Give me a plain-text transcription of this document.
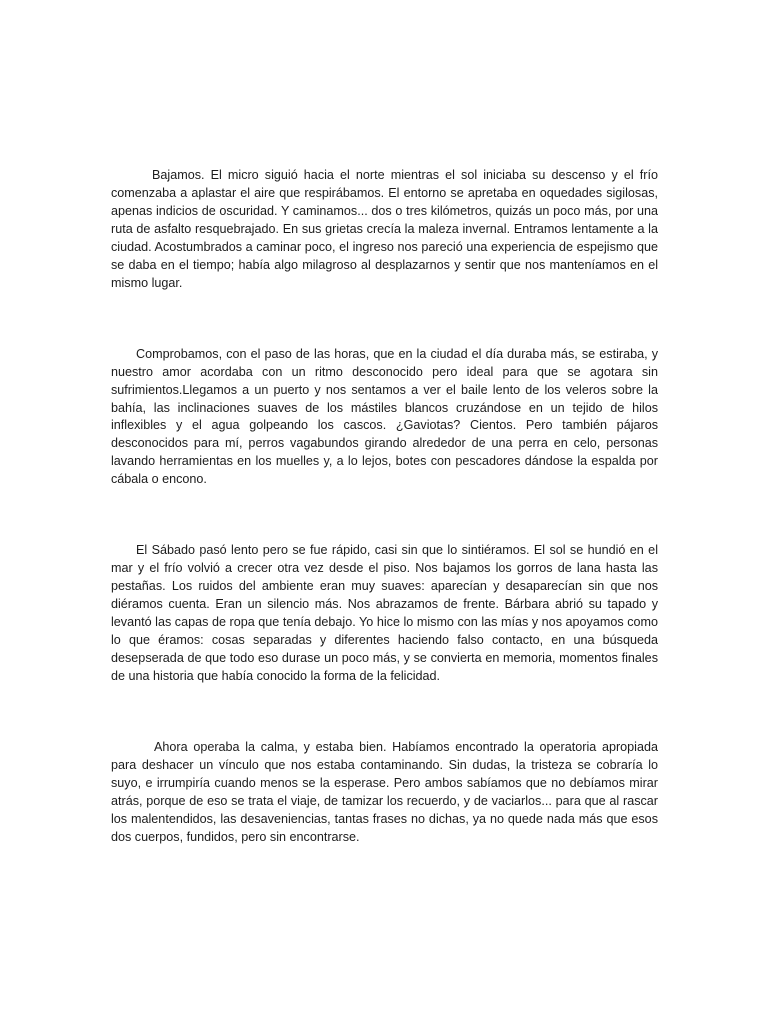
Bajamos. El micro siguió hacia el norte mientras el sol iniciaba su descenso y el frío comenzaba a aplastar el aire que respirábamos. El entorno se apretaba en oquedades sigilosas, apenas indicios de oscuridad. Y caminamos... dos o tres kilómetros, quizás un poco más, por una ruta de asfalto resquebrajado. En sus grietas crecía la maleza invernal. Entramos lentamente a la ciudad. Acostumbrados a caminar poco, el ingreso nos pareció una experiencia de espejismo que se daba en el tiempo; había algo milagroso al desplazarnos y sentir que nos manteníamos en el mismo lugar.

Comprobamos, con el paso de las horas, que en la ciudad el día duraba más, se estiraba, y nuestro amor acordaba con un ritmo desconocido pero ideal para que se agotara sin sufrimientos.Llegamos a un puerto y nos sentamos a ver el baile lento de los veleros sobre la bahía, las inclinaciones suaves de los mástiles blancos cruzándose en un tejido de hilos inflexibles y el agua golpeando los cascos. ¿Gaviotas? Cientos. Pero también pájaros desconocidos para mí, perros vagabundos girando alrededor de una perra en celo, personas lavando herramientas en los muelles y, a lo lejos, botes con pescadores dándose la espalda por cábala o encono.

El Sábado pasó lento pero se fue rápido, casi sin que lo sintiéramos. El sol se hundió en el mar y el frío volvió a crecer otra vez desde el piso. Nos bajamos los gorros de lana hasta las pestañas. Los ruidos del ambiente eran muy suaves: aparecían y desaparecían sin que nos diéramos cuenta. Eran un silencio más. Nos abrazamos de frente. Bárbara abrió su tapado y levantó las capas de ropa que tenía debajo. Yo hice lo mismo con las mías y nos apoyamos como lo que éramos: cosas separadas y diferentes haciendo falso contacto, en una búsqueda desepserada de que todo eso durase un poco más, y se convierta en memoria, momentos finales de una historia que había conocido la forma de la felicidad.

Ahora operaba la calma, y estaba bien. Habíamos encontrado la operatoria apropiada para deshacer un vínculo que nos estaba contaminando. Sin dudas, la tristeza se cobraría lo suyo, e irrumpiría cuando menos se la esperase. Pero ambos sabíamos que no debíamos mirar atrás, porque de eso se trata el viaje, de tamizar los recuerdo, y de vaciarlos... para que al rascar los malentendidos, las desaveniencias, tantas frases no dichas, ya no quede nada más que esos dos cuerpos, fundidos, pero sin encontrarse.
